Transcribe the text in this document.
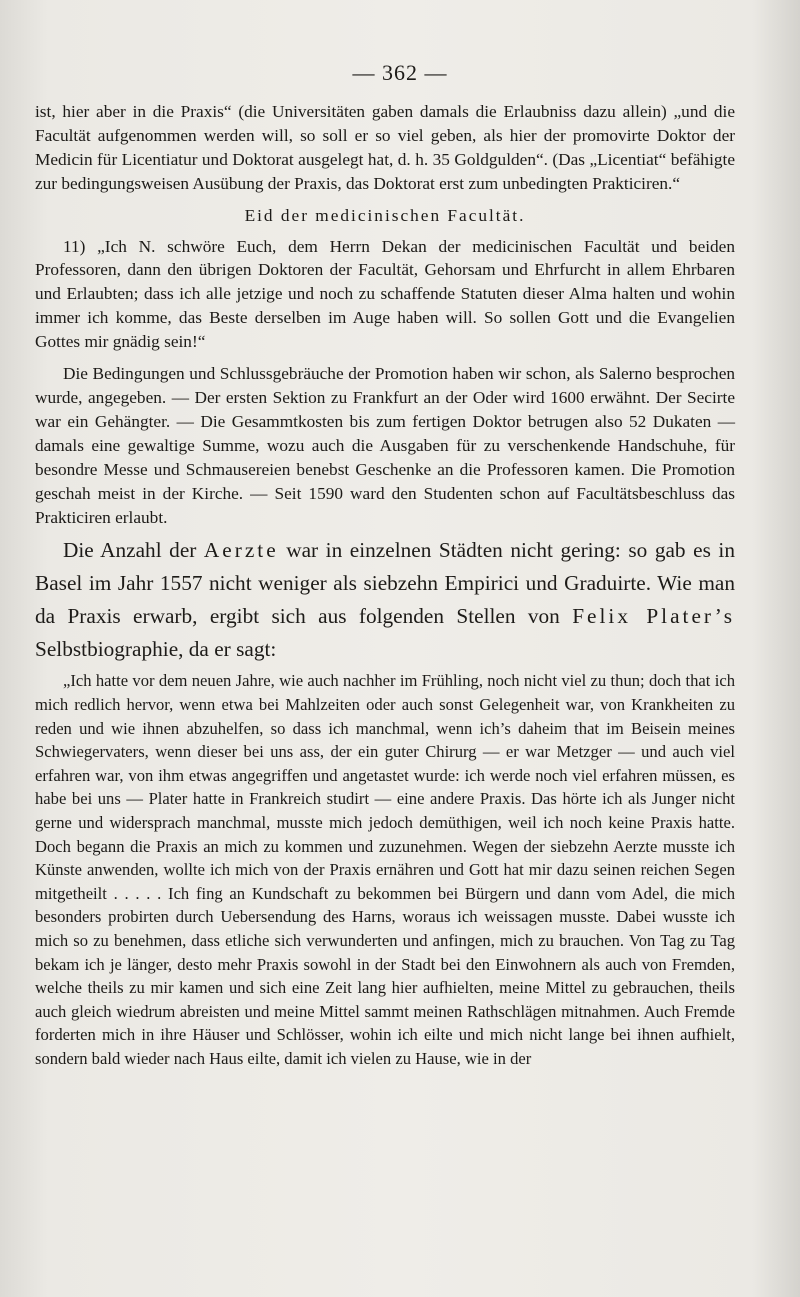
— 362 —

ist, hier aber in die Praxis“ (die Universitäten gaben damals die Erlaubniss dazu allein) „und die Facultät aufgenommen werden will, so soll er so viel geben, als hier der promovirte Doktor der Medicin für Licentiatur und Doktorat ausgelegt hat, d. h. 35 Goldgulden“. (Das „Licentiat“ befähigte zur bedingungsweisen Ausübung der Praxis, das Doktorat erst zum unbedingten Prakticiren.“

Eid der medicinischen Facultät.

11) „Ich N. schwöre Euch, dem Herrn Dekan der medicinischen Facultät und beiden Professoren, dann den übrigen Doktoren der Facultät, Gehorsam und Ehrfurcht in allem Ehrbaren und Erlaubten; dass ich alle jetzige und noch zu schaffende Statuten dieser Alma halten und wohin immer ich komme, das Beste derselben im Auge haben will. So sollen Gott und die Evangelien Gottes mir gnädig sein!“

Die Bedingungen und Schlussgebräuche der Promotion haben wir schon, als Salerno besprochen wurde, angegeben. — Der ersten Sektion zu Frankfurt an der Oder wird 1600 erwähnt. Der Secirte war ein Gehängter. — Die Gesammtkosten bis zum fertigen Doktor betrugen also 52 Dukaten — damals eine gewaltige Summe, wozu auch die Ausgaben für zu verschenkende Handschuhe, für besondre Messe und Schmausereien benebst Geschenke an die Professoren kamen. Die Promotion geschah meist in der Kirche. — Seit 1590 ward den Studenten schon auf Facultätsbeschluss das Prakticiren erlaubt.

Die Anzahl der Aerzte war in einzelnen Städten nicht gering: so gab es in Basel im Jahr 1557 nicht weniger als siebzehn Empirici und Graduirte. Wie man da Praxis erwarb, ergibt sich aus folgenden Stellen von Felix Plater’s Selbstbiographie, da er sagt:

„Ich hatte vor dem neuen Jahre, wie auch nachher im Frühling, noch nicht viel zu thun; doch that ich mich redlich hervor, wenn etwa bei Mahlzeiten oder auch sonst Gelegenheit war, von Krankheiten zu reden und wie ihnen abzuhelfen, so dass ich manchmal, wenn ich’s daheim that im Beisein meines Schwiegervaters, wenn dieser bei uns ass, der ein guter Chirurg — er war Metzger — und auch viel erfahren war, von ihm etwas angegriffen und angetastet wurde: ich werde noch viel erfahren müssen, es habe bei uns — Plater hatte in Frankreich studirt — eine andere Praxis. Das hörte ich als Junger nicht gerne und widersprach manchmal, musste mich jedoch demüthigen, weil ich noch keine Praxis hatte. Doch begann die Praxis an mich zu kommen und zuzunehmen. Wegen der siebzehn Aerzte musste ich Künste anwenden, wollte ich mich von der Praxis ernähren und Gott hat mir dazu seinen reichen Segen mitgetheilt . . . . . Ich fing an Kundschaft zu bekommen bei Bürgern und dann vom Adel, die mich besonders probirten durch Uebersendung des Harns, woraus ich weissagen musste. Dabei wusste ich mich so zu benehmen, dass etliche sich verwunderten und anfingen, mich zu brauchen. Von Tag zu Tag bekam ich je länger, desto mehr Praxis sowohl in der Stadt bei den Einwohnern als auch von Fremden, welche theils zu mir kamen und sich eine Zeit lang hier aufhielten, meine Mittel zu gebrauchen, theils auch gleich wiedrum abreisten und meine Mittel sammt meinen Rathschlägen mitnahmen. Auch Fremde forderten mich in ihre Häuser und Schlösser, wohin ich eilte und mich nicht lange bei ihnen aufhielt, sondern bald wieder nach Haus eilte, damit ich vielen zu Hause, wie in der
